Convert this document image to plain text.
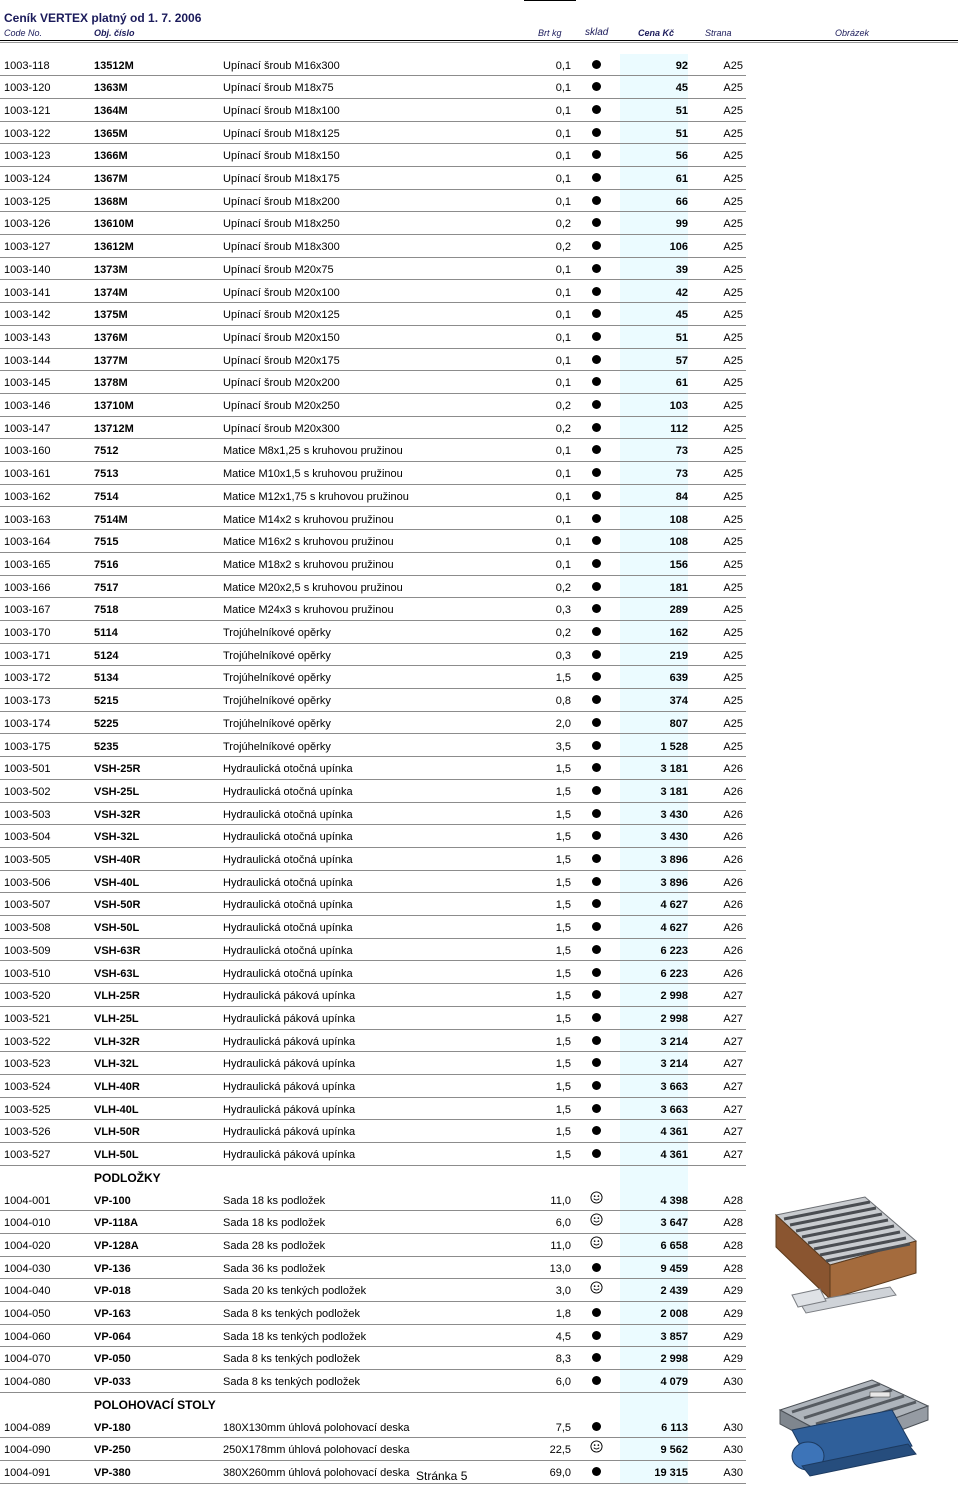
Ceník VERTEX platný od 1. 7. 2006
Code No.	Obj. číslo	Brt kg sklad	Cena Kč	Strana	Obrázek
1003-118	13512M	Upínací šroub M16x300	0,1	92	A25
1003-120	1363M	Upínací šroub M18x75	0,1	45	A25
1003-121	1364M	Upínací šroub M18x100	0,1	51	A25
1003-122	1365M	Upínací šroub M18x125	0,1	51	A25
1003-123	1366M	Upínací šroub M18x150	0,1	56	A25
1003-124	1367M	Upínací šroub M18x175	0,1	61	A25
1003-125	1368M	Upínací šroub M18x200	0,1	66	A25
1003-126	13610M	Upínací šroub M18x250	0,2	99	A25
1003-127	13612M	Upínací šroub M18x300	0,2	106	A25
1003-140	1373M	Upínací šroub M20x75	0,1	39	A25
1003-141	1374M	Upínací šroub M20x100	0,1	42	A25
1003-142	1375M	Upínací šroub M20x125	0,1	45	A25
1003-143	1376M	Upínací šroub M20x150	0,1	51	A25
1003-144	1377M	Upínací šroub M20x175	0,1	57	A25
1003-145	1378M	Upínací šroub M20x200	0,1	61	A25
1003-146	13710M	Upínací šroub M20x250	0,2	103	A25
1003-147	13712M	Upínací šroub M20x300	0,2	112	A25
1003-160	7512	Matice M8x1,25 s kruhovou pružinou	0,1	73	A25
1003-161	7513	Matice M10x1,5 s kruhovou pružinou	0,1	73	A25
1003-162	7514	Matice M12x1,75 s kruhovou pružinou	0,1	84	A25
1003-163	7514M	Matice M14x2 s kruhovou pružinou	0,1	108	A25
1003-164	7515	Matice M16x2 s kruhovou pružinou	0,1	108	A25
1003-165	7516	Matice M18x2 s kruhovou pružinou	0,1	156	A25
1003-166	7517	Matice M20x2,5 s kruhovou pružinou	0,2	181	A25
1003-167	7518	Matice M24x3 s kruhovou pružinou	0,3	289	A25
1003-170	5114	Trojúhelníkové opěrky	0,2	162	A25
1003-171	5124	Trojúhelníkové opěrky	0,3	219	A25
1003-172	5134	Trojúhelníkové opěrky	1,5	639	A25
1003-173	5215	Trojúhelníkové opěrky	0,8	374	A25
1003-174	5225	Trojúhelníkové opěrky	2,0	807	A25
1003-175	5235	Trojúhelníkové opěrky	3,5	1 528	A25
1003-501	VSH-25R	Hydraulická otočná upínka	1,5	3 181	A26
1003-502	VSH-25L	Hydraulická otočná upínka	1,5	3 181	A26
1003-503	VSH-32R	Hydraulická otočná upínka	1,5	3 430	A26
1003-504	VSH-32L	Hydraulická otočná upínka	1,5	3 430	A26
1003-505	VSH-40R	Hydraulická otočná upínka	1,5	3 896	A26
1003-506	VSH-40L	Hydraulická otočná upínka	1,5	3 896	A26
1003-507	VSH-50R	Hydraulická otočná upínka	1,5	4 627	A26
1003-508	VSH-50L	Hydraulická otočná upínka	1,5	4 627	A26
1003-509	VSH-63R	Hydraulická otočná upínka	1,5	6 223	A26
1003-510	VSH-63L	Hydraulická otočná upínka	1,5	6 223	A26
1003-520	VLH-25R	Hydraulická páková upínka	1,5	2 998	A27
1003-521	VLH-25L	Hydraulická páková upínka	1,5	2 998	A27
1003-522	VLH-32R	Hydraulická páková upínka	1,5	3 214	A27
1003-523	VLH-32L	Hydraulická páková upínka	1,5	3 214	A27
1003-524	VLH-40R	Hydraulická páková upínka	1,5	3 663	A27
1003-525	VLH-40L	Hydraulická páková upínka	1,5	3 663	A27
1003-526	VLH-50R	Hydraulická páková upínka	1,5	4 361	A27
1003-527	VLH-50L	Hydraulická páková upínka	1,5	4 361	A27
PODLOŽKY
1004-001	VP-100	Sada 18 ks podložek	11,0	4 398	A28
1004-010	VP-118A	Sada 18 ks podložek	6,0	3 647	A28
1004-020	VP-128A	Sada 28 ks podložek	11,0	6 658	A28
1004-030	VP-136	Sada 36 ks podložek	13,0	9 459	A28
1004-040	VP-018	Sada 20 ks tenkých podložek	3,0	2 439	A29
1004-050	VP-163	Sada 8 ks tenkých podložek	1,8	2 008	A29
1004-060	VP-064	Sada 18 ks tenkých podložek	4,5	3 857	A29
1004-070	VP-050	Sada 8 ks tenkých podložek	8,3	2 998	A29
1004-080	VP-033	Sada 8 ks tenkých podložek	6,0	4 079	A30
POLOHOVACÍ STOLY
1004-089	VP-180	180X130mm úhlová polohovací deska	7,5	6 113	A30
1004-090	VP-250	250X178mm úhlová polohovací deska	22,5	9 562	A30
1004-091	VP-380	380X260mm úhlová polohovací deska	69,0	19 315	A30
Stránka 5
